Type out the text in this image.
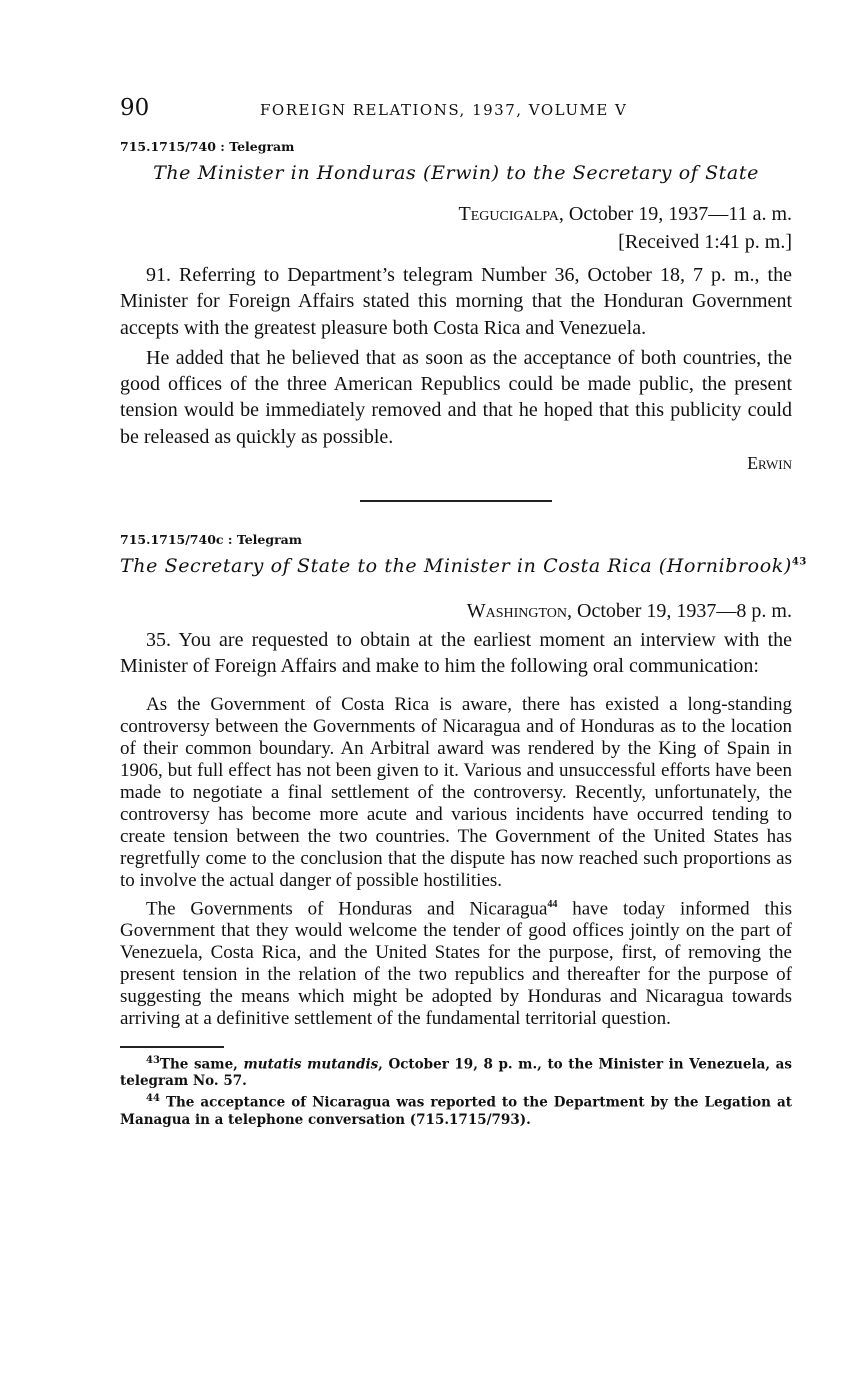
90	FOREIGN RELATIONS, 1937, VOLUME V
715.1715/740 : Telegram
The Minister in Honduras (Erwin) to the Secretary of State
Tegucigalpa, October 19, 1937—11 a. m.
[Received 1:41 p. m.]

91. Referring to Department’s telegram Number 36, October 18, 7 p. m., the Minister for Foreign Affairs stated this morning that the Honduran Government accepts with the greatest pleasure both Costa Rica and Venezuela.

He added that he believed that as soon as the acceptance of both countries, the good offices of the three American Republics could be made public, the present tension would be immediately removed and that he hoped that this publicity could be released as quickly as possible.

Erwin
715.1715/740c : Telegram
The Secretary of State to the Minister in Costa Rica (Hornibrook)$^{43}$
Washington, October 19, 1937—8 p. m.

35. You are requested to obtain at the earliest moment an interview with the Minister of Foreign Affairs and make to him the following oral communication:

As the Government of Costa Rica is aware, there has existed a long-standing controversy between the Governments of Nicaragua and of Honduras as to the location of their common boundary. An Arbitral award was rendered by the King of Spain in 1906, but full effect has not been given to it. Various and unsuccessful efforts have been made to negotiate a final settlement of the controversy. Recently, unfortunately, the controversy has become more acute and various incidents have occurred tending to create tension between the two countries. The Government of the United States has regretfully come to the conclusion that the dispute has now reached such proportions as to involve the actual danger of possible hostilities.

The Governments of Honduras and Nicaragua$^{44}$ have today informed this Government that they would welcome the tender of good offices jointly on the part of Venezuela, Costa Rica, and the United States for the purpose, first, of removing the present tension in the relation of the two republics and thereafter for the purpose of suggesting the means which might be adopted by Honduras and Nicaragua towards arriving at a definitive settlement of the fundamental territorial question.

$^{43}$The same, mutatis mutandis, October 19, 8 p. m., to the Minister in Venezuela, as telegram No. 57.

$^{44}$ The acceptance of Nicaragua was reported to the Department by the Legation at Managua in a telephone conversation (715.1715/793).
